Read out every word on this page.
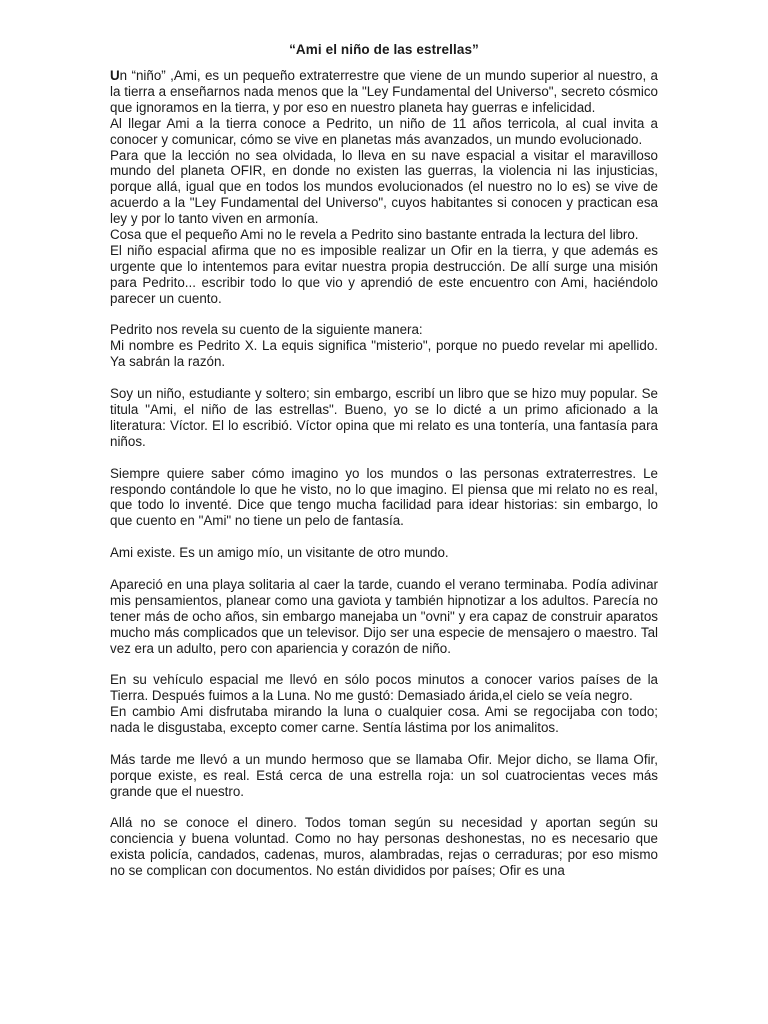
“Ami el niño de las estrellas”

Un “niño” ,Ami, es un pequeño extraterrestre que viene de un mundo superior al nuestro, a la tierra a enseñarnos nada menos que la "Ley Fundamental del Universo", secreto cósmico que ignoramos en la tierra, y por eso en nuestro planeta hay guerras e infelicidad.

Al llegar Ami a la tierra conoce a Pedrito, un niño de 11 años terricola, al cual invita a conocer y comunicar, cómo se vive en planetas más avanzados, un mundo evolucionado.

Para que la lección no sea olvidada, lo lleva en su nave espacial a visitar el maravilloso mundo del planeta OFIR, en donde no existen las guerras, la violencia ni las injusticias, porque allá, igual que en todos los mundos evolucionados (el nuestro no lo es) se vive de acuerdo a la "Ley Fundamental del Universo", cuyos habitantes si conocen y practican esa ley y por lo tanto viven en armonía.

Cosa que el pequeño Ami no le revela a Pedrito sino bastante entrada la lectura del libro.

El niño espacial afirma que no es imposible realizar un Ofir en la tierra, y que además es urgente que lo intentemos para evitar nuestra propia destrucción. De allí surge una misión para Pedrito... escribir todo lo que vio y aprendió de este encuentro con Ami, haciéndolo parecer un cuento.

Pedrito nos revela su cuento de la siguiente manera:

Mi nombre es Pedrito X. La equis significa "misterio", porque no puedo revelar mi apellido. Ya sabrán la razón.

Soy un niño, estudiante y soltero; sin embargo, escribí un libro que se hizo muy popular. Se titula "Ami, el niño de las estrellas". Bueno, yo se lo dicté a un primo aficionado a la literatura: Víctor. El lo escribió. Víctor opina que mi relato es una tontería, una fantasía para niños.

Siempre quiere saber cómo imagino yo los mundos o las personas extraterrestres. Le respondo contándole lo que he visto, no lo que imagino. El piensa que mi relato no es real, que todo lo inventé. Dice que tengo mucha facilidad para idear historias: sin embargo, lo que cuento en "Ami" no tiene un pelo de fantasía.

Ami existe. Es un amigo mío, un visitante de otro mundo.

Apareció en una playa solitaria al caer la tarde, cuando el verano terminaba. Podía adivinar mis pensamientos, planear como una gaviota y también hipnotizar a los adultos. Parecía no tener más de ocho años, sin embargo manejaba un "ovni" y era capaz de construir aparatos mucho más complicados que un televisor. Dijo ser una especie de mensajero o maestro. Tal vez era un adulto, pero con apariencia y corazón de niño.

En su vehículo espacial me llevó en sólo pocos minutos a conocer varios países de la Tierra. Después fuimos a la Luna. No me gustó: Demasiado árida,el cielo se veía negro.

En cambio Ami disfrutaba mirando la luna o cualquier cosa. Ami se regocijaba con todo; nada le disgustaba, excepto comer carne. Sentía lástima por los animalitos.

Más tarde me llevó a un mundo hermoso que se llamaba Ofir. Mejor dicho, se llama Ofir, porque existe, es real. Está cerca de una estrella roja: un sol cuatrocientas veces más grande que el nuestro.

Allá no se conoce el dinero. Todos toman según su necesidad y aportan según su conciencia y buena voluntad. Como no hay personas deshonestas, no es necesario que exista policía, candados, cadenas, muros, alambradas, rejas o cerraduras; por eso mismo no se complican con documentos. No están divididos por países; Ofir es una
